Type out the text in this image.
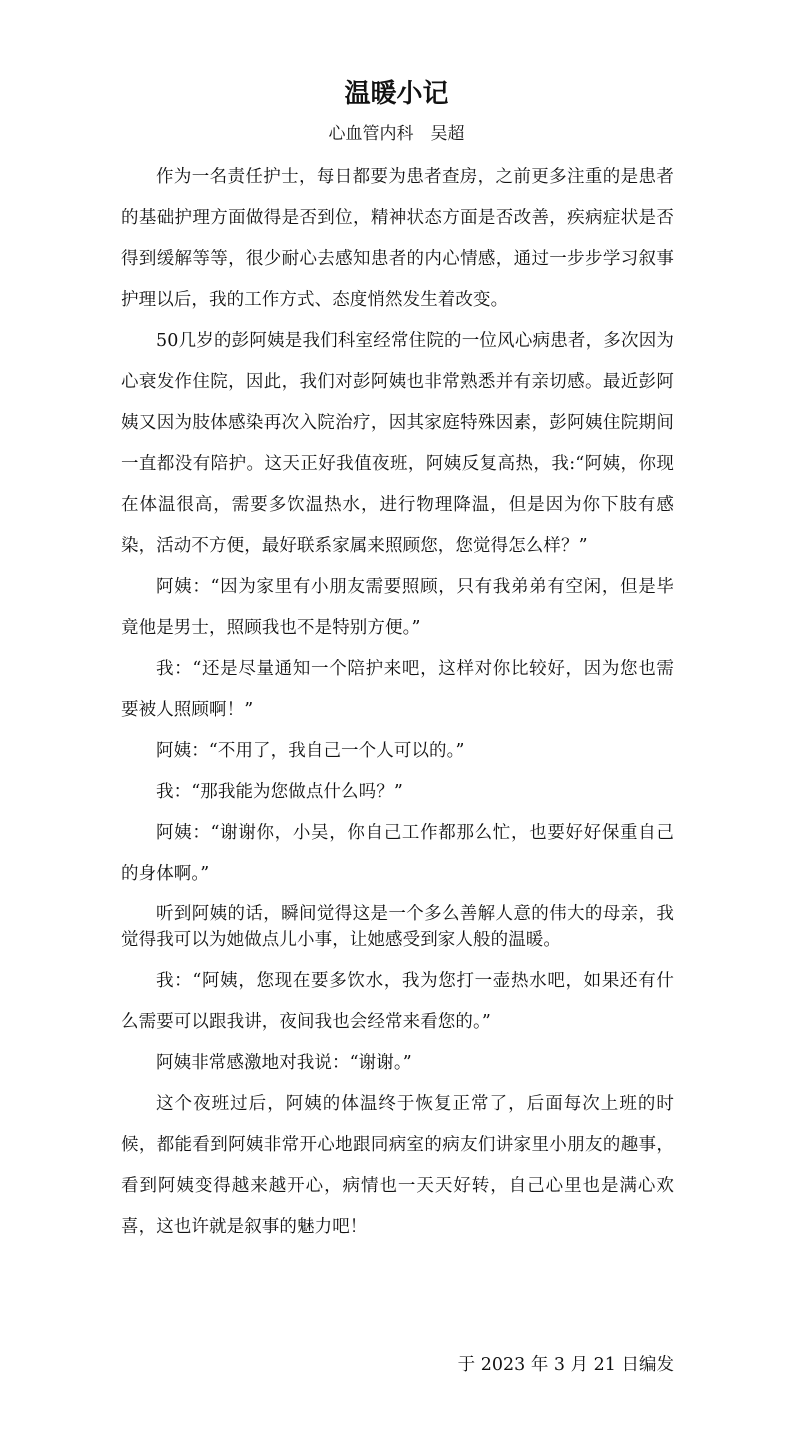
温暖小记
心血管内科　吴超

作为一名责任护士，每日都要为患者查房，之前更多注重的是患者的基础护理方面做得是否到位，精神状态方面是否改善，疾病症状是否得到缓解等等，很少耐心去感知患者的内心情感，通过一步步学习叙事护理以后，我的工作方式、态度悄然发生着改变。

50几岁的彭阿姨是我们科室经常住院的一位风心病患者，多次因为心衰发作住院，因此，我们对彭阿姨也非常熟悉并有亲切感。最近彭阿姨又因为肢体感染再次入院治疗，因其家庭特殊因素，彭阿姨住院期间一直都没有陪护。这天正好我值夜班，阿姨反复高热，我:“阿姨，你现在体温很高，需要多饮温热水，进行物理降温，但是因为你下肢有感染，活动不方便，最好联系家属来照顾您，您觉得怎么样？”

阿姨：“因为家里有小朋友需要照顾，只有我弟弟有空闲，但是毕竟他是男士，照顾我也不是特别方便。”

我：“还是尽量通知一个陪护来吧，这样对你比较好，因为您也需要被人照顾啊！”

阿姨：“不用了，我自己一个人可以的。”

我：“那我能为您做点什么吗？”

阿姨：“谢谢你，小吴，你自己工作都那么忙，也要好好保重自己的身体啊。”

听到阿姨的话，瞬间觉得这是一个多么善解人意的伟大的母亲，我觉得我可以为她做点儿小事，让她感受到家人般的温暖。

我：“阿姨，您现在要多饮水，我为您打一壶热水吧，如果还有什么需要可以跟我讲，夜间我也会经常来看您的。”

阿姨非常感激地对我说：“谢谢。”

这个夜班过后，阿姨的体温终于恢复正常了，后面每次上班的时候，都能看到阿姨非常开心地跟同病室的病友们讲家里小朋友的趣事，看到阿姨变得越来越开心，病情也一天天好转，自己心里也是满心欢喜，这也许就是叙事的魅力吧！

于 2023 年 3 月 21 日编发
